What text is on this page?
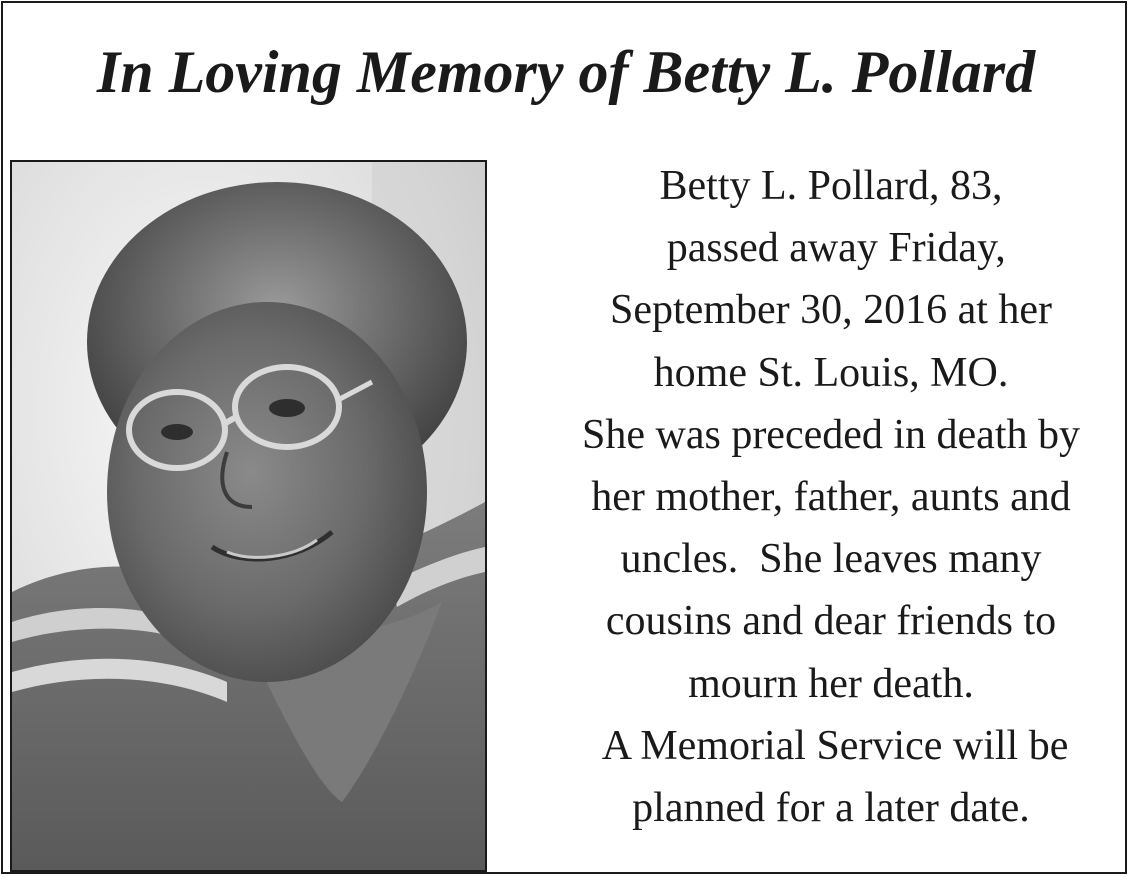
In Loving Memory of Betty L. Pollard
Betty L. Pollard, 83,
passed away Friday,
September 30, 2016 at her
home St. Louis, MO.
She was preceded in death by
her mother, father, aunts and
uncles.  She leaves many
cousins and dear friends to
mourn her death.
A Memorial Service will be
planned for a later date.
